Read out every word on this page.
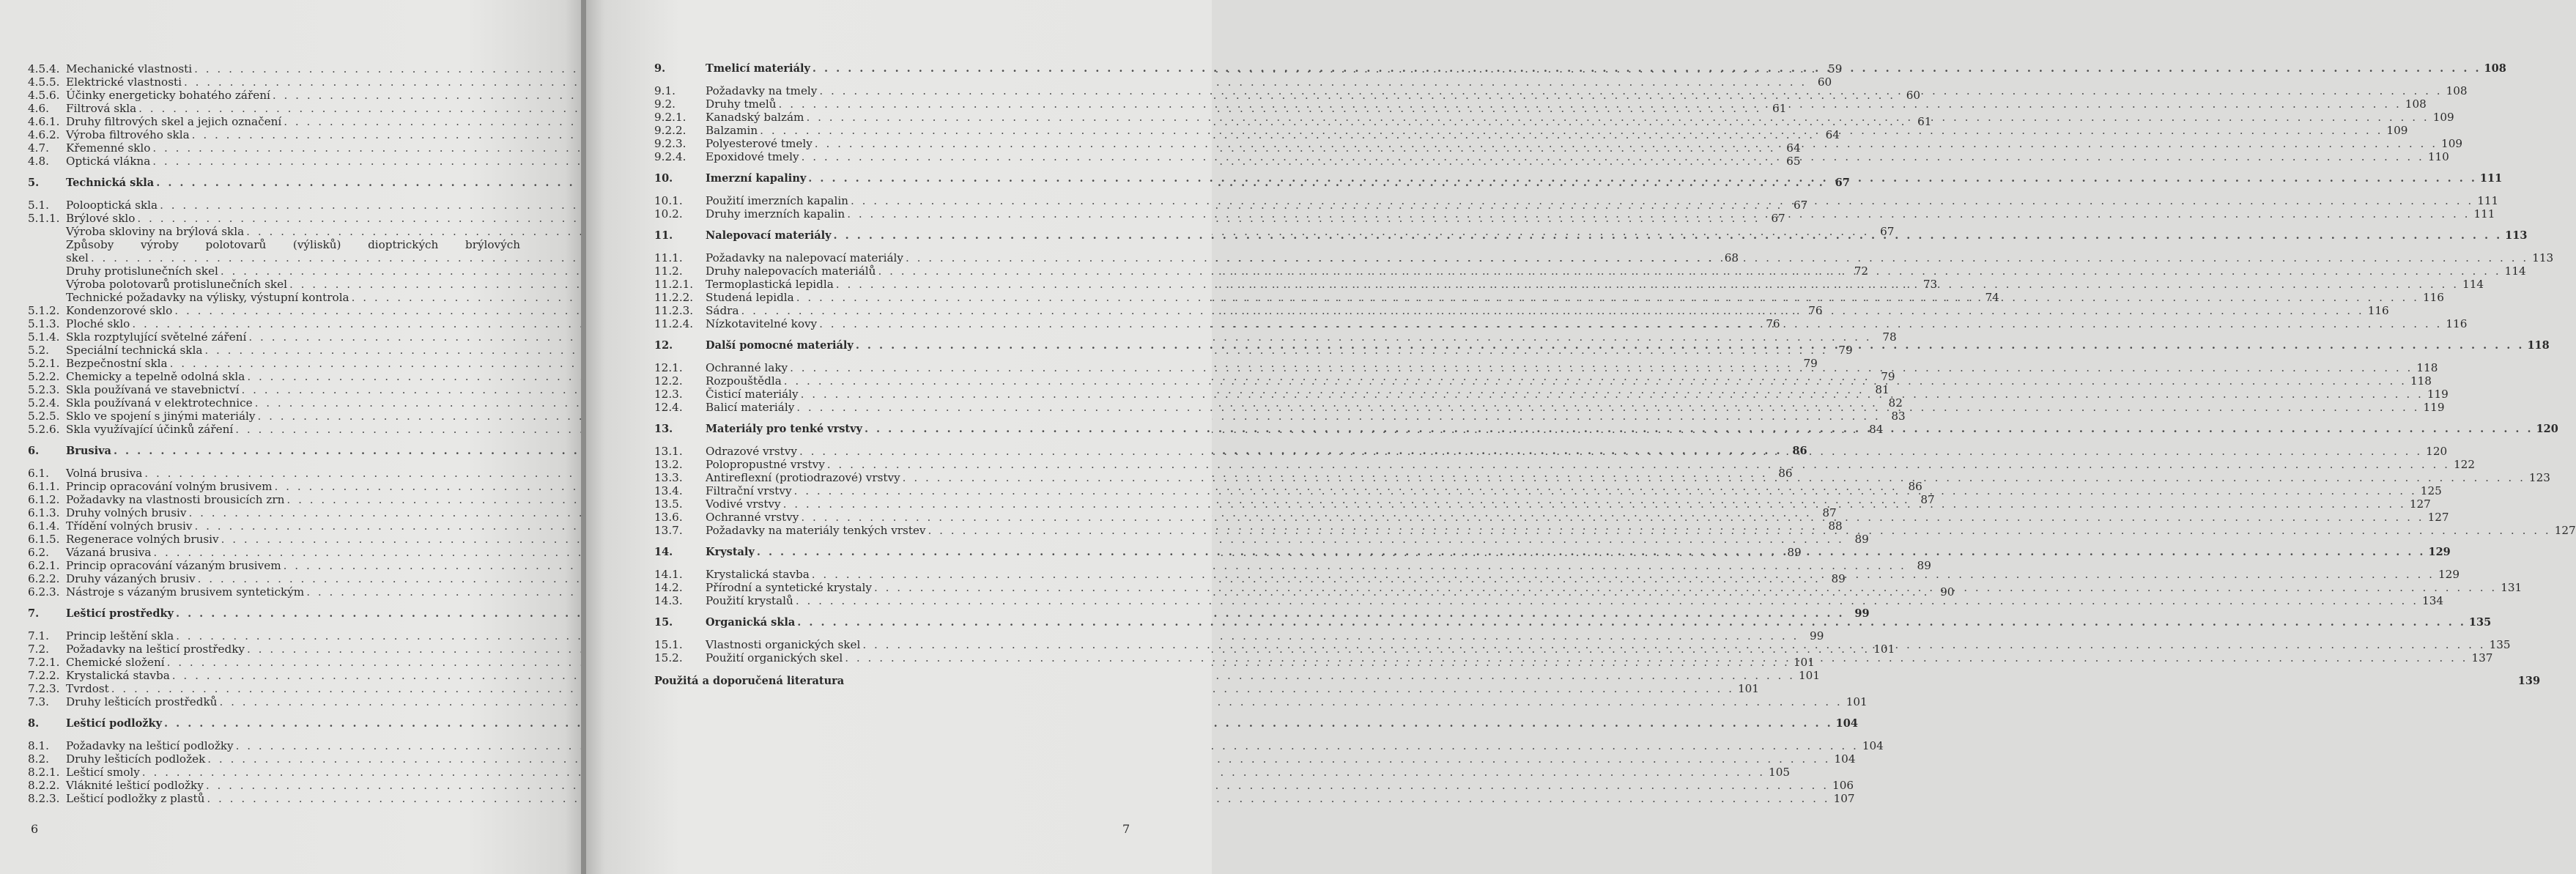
4.5.4. Mechanické vlastnosti . . .	59
4.5.5. Elektrické vlastnosti . . .	60
4.5.6. Účinky energeticky bohatého záření . . .	60
4.6.	Filtrová skla . . .	61
4.6.1. Druhy filtrových skel a jejich označení . . .	61
4.6.2. Výroba filtrového skla . . .	64
4.7.	Křemenné sklo . . .	64
4.8.	Optická vlákna . . .	65
5.	Technická skla . . .	67
5.1.	Polooptická skla . . .	67
5.1.1. Brýlové sklo . . .	67
Výroba skloviny na brýlová skla . . .	67
Způsoby výroby polotovarů (výlisků) dioptrických brýlových
skel . . .	68
Druhy protislunečních skel . . .	72
Výroba polotovarů protislunečních skel . . .	73
Technické požadavky na výlisky, výstupní kontrola . . .	74
5.1.2. Kondenzorové sklo . . .	76
5.1.3. Ploché sklo . . .	76
5.1.4. Skla rozptylující světelné záření . . .	78
5.2.	Speciální technická skla . . .	79
5.2.1. Bezpečnostní skla . . .	79
5.2.2. Chemicky a tepelně odolná skla . . .	79
5.2.3. Skla používaná ve stavebnictví . . .	81
5.2.4. Skla používaná v elektrotechnice . . .	82
5.2.5. Sklo ve spojení s jinými materiály . . .	83
5.2.6. Skla využívající účinků záření . . .	84
6.	Brusiva . . .	86
6.1.	Volná brusiva . . .	86
6.1.1. Princip opracování volným brusivem . . .	86
6.1.2. Požadavky na vlastnosti brousicích zrn . . .	87
6.1.3. Druhy volných brusiv . . .	87
6.1.4. Třídění volných brusiv . . .	88
6.1.5. Regenerace volných brusiv . . .	89
6.2.	Vázaná brusiva . . .	89
6.2.1. Princip opracování vázaným brusivem . . .	89
6.2.2. Druhy vázaných brusiv . . .	89
6.2.3. Nástroje s vázaným brusivem syntetickým . . .	90
7.	Lešticí prostředky . . .	99
7.1.	Princip leštění skla . . .	99
7.2.	Požadavky na lešticí prostředky . . .	101
7.2.1. Chemické složení . . .	101
7.2.2. Krystalická stavba . . .	101
7.2.3. Tvrdost . . .	101
7.3.	Druhy lešticích prostředků . . .	101
8.	Lešticí podložky . . .	104
8.1.	Požadavky na lešticí podložky . . .	104
8.2.	Druhy lešticích podložek . . .	104
8.2.1. Lešticí smoly . . .	105
8.2.2. Vláknité lešticí podložky . . .	106
8.2.3. Lešticí podložky z plastů . . .	107
6
9.	Tmelicí materiály . . .	108
9.1.	Požadavky na tmely . . .	108
9.2.	Druhy tmelů . . .	108
9.2.1.	Kanadský balzám . . .	109
9.2.2.	Balzamin . . .	109
9.2.3.	Polyesterové tmely . . .	109
9.2.4.	Epoxidové tmely . . .	110
10.	Imerzní kapaliny . . .	111
10.1.	Použití imerzních kapalin . . .	111
10.2.	Druhy imerzních kapalin . . .	111
11.	Nalepovací materiály . . .	113
11.1.	Požadavky na nalepovací materiály . . .	113
11.2.	Druhy nalepovacích materiálů . . .	114
11.2.1.	Termoplastická lepidla . . .	114
11.2.2.	Studená lepidla . . .	116
11.2.3.	Sádra . . .	116
11.2.4.	Nízkotavitelné kovy . . .	116
12.	Další pomocné materiály . . .	118
12.1.	Ochranné laky . . .	118
12.2.	Rozpouštědla . . .	118
12.3.	Čisticí materiály . . .	119
12.4.	Balicí materiály . . .	119
13.	Materiály pro tenké vrstvy . . .	120
13.1.	Odrazové vrstvy . . .	120
13.2.	Polopropustné vrstvy . . .	122
13.3.	Antireflexní (protiodrazové) vrstvy . . .	123
13.4.	Filtrační vrstvy . . .	125
13.5.	Vodivé vrstvy . . .	127
13.6.	Ochranné vrstvy . . .	127
13.7.	Požadavky na materiály tenkých vrstev . . .	127
14.	Krystaly . . .	129
14.1.	Krystalická stavba . . .	129
14.2.	Přírodní a syntetické krystaly . . .	131
14.3.	Použití krystalů . . .	134
15.	Organická skla . . .	135
15.1.	Vlastnosti organických skel . . .	135
15.2.	Použití organických skel . . .	137
Použitá a doporučená literatura	139
7
